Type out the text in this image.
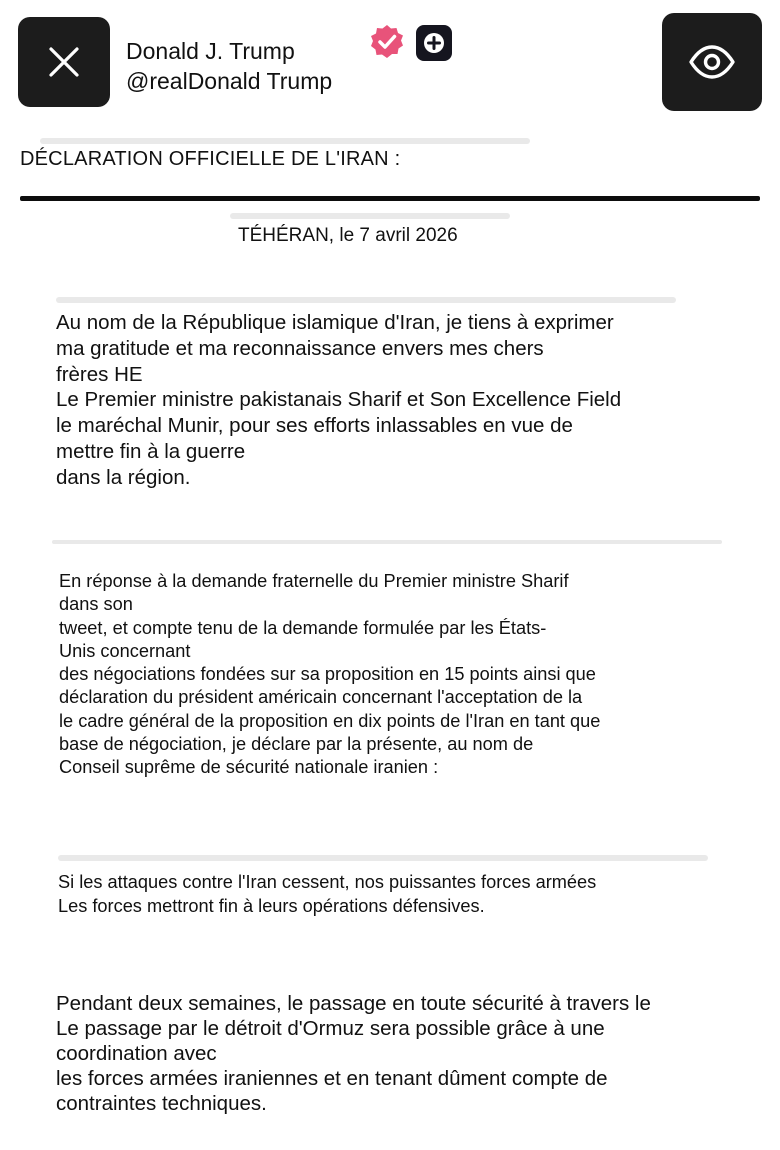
Donald J. Trump
@realDonald Trump
DÉCLARATION OFFICIELLE DE L'IRAN :
TÉHÉRAN, le 7 avril 2026

Au nom de la République islamique d'Iran, je tiens à exprimer
ma gratitude et ma reconnaissance envers mes chers
frères HE
Le Premier ministre pakistanais Sharif et Son Excellence Field
le maréchal Munir, pour ses efforts inlassables en vue de
mettre fin à la guerre
dans la région.

En réponse à la demande fraternelle du Premier ministre Sharif
dans son
tweet, et compte tenu de la demande formulée par les États-
Unis concernant
des négociations fondées sur sa proposition en 15 points ainsi que
déclaration du président américain concernant l'acceptation de la
le cadre général de la proposition en dix points de l'Iran en tant que
base de négociation, je déclare par la présente, au nom de
Conseil suprême de sécurité nationale iranien :

Si les attaques contre l'Iran cessent, nos puissantes forces armées
Les forces mettront fin à leurs opérations défensives.

Pendant deux semaines, le passage en toute sécurité à travers le
Le passage par le détroit d'Ormuz sera possible grâce à une
coordination avec
les forces armées iraniennes et en tenant dûment compte de
contraintes techniques.
